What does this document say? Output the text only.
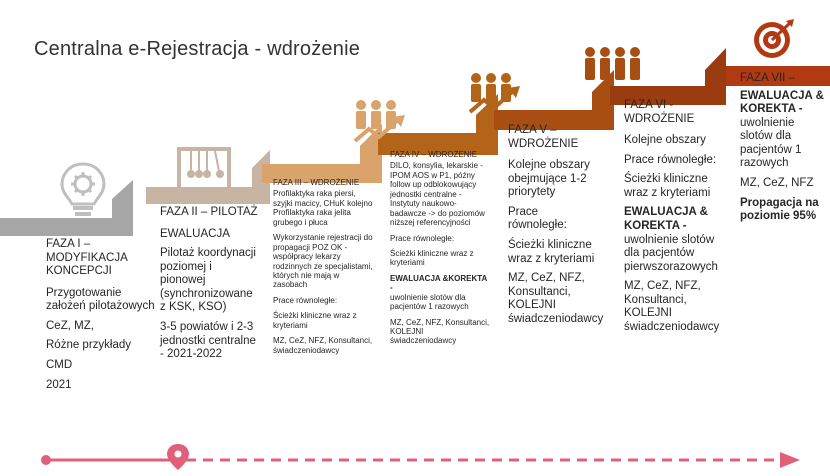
Centralna e-Rejestracja - wdrożenie

FAZA I – MODYFIKACJA KONCEPCJI

Przygotowanie założeń pilotażowych

CeZ, MZ,

Różne przykłady

CMD

2021

FAZA II – PILOTAŻ

EWALUACJA

Pilotaż koordynacji poziomej i pionowej (synchronizowane z KSK, KSO)

3-5 powiatów i 2-3 jednostki centralne - 2021-2022

FAZA III – WDROŻENIE

Profilaktyka raka piersi, szyjki macicy, CHuK kolejno Profilaktyka raka jelita grubego i płuca

Wykorzystanie rejestracji do propagacji POZ OK - współpracy lekarzy rodzinnych ze specjalistami, których nie mają w zasobach

Prace równoległe:

Ścieżki kliniczne wraz z kryteriami

MZ, CeZ, NFZ, Konsultanci, świadczeniodawcy

FAZA IV – WDROŻENIE

DILO, konsylia, lekarskie - IPOM AOS w P1, późny follow up odblokowujący jednostki centralne -Instytuty naukowo-badawcze -> do poziomów niższej referencyjności

Prace równoległe:

Ścieżki kliniczne wraz z kryteriami

EWALUACJA &KOREKTA -

uwolnienie slotów dla pacjentów 1 razowych

MZ, CeZ, NFZ, Konsultanci, KOLEJNI świadczeniodawcy

FAZA V – WDROŻENIE

Kolejne obszary obejmujące 1-2 priorytety

Prace równoległe:

Ścieżki kliniczne wraz z kryteriami

MZ, CeZ, NFZ, Konsultanci, KOLEJNI świadczeniodawcy

FAZA VI - WDROŻENIE

Kolejne obszary

Prace równoległe:

Ścieżki kliniczne wraz z kryteriami

EWALUACJA & KOREKTA -

uwolnienie slotów dla pacjentów pierwszorazowych

MZ, CeZ, NFZ, Konsultanci, KOLEJNI świadczeniodawcy

FAZA VII –

EWALUACJA & KOREKTA -

uwolnienie slotów dla pacjentów 1 razowych

MZ, CeZ, NFZ

Propagacja na poziomie 95%
